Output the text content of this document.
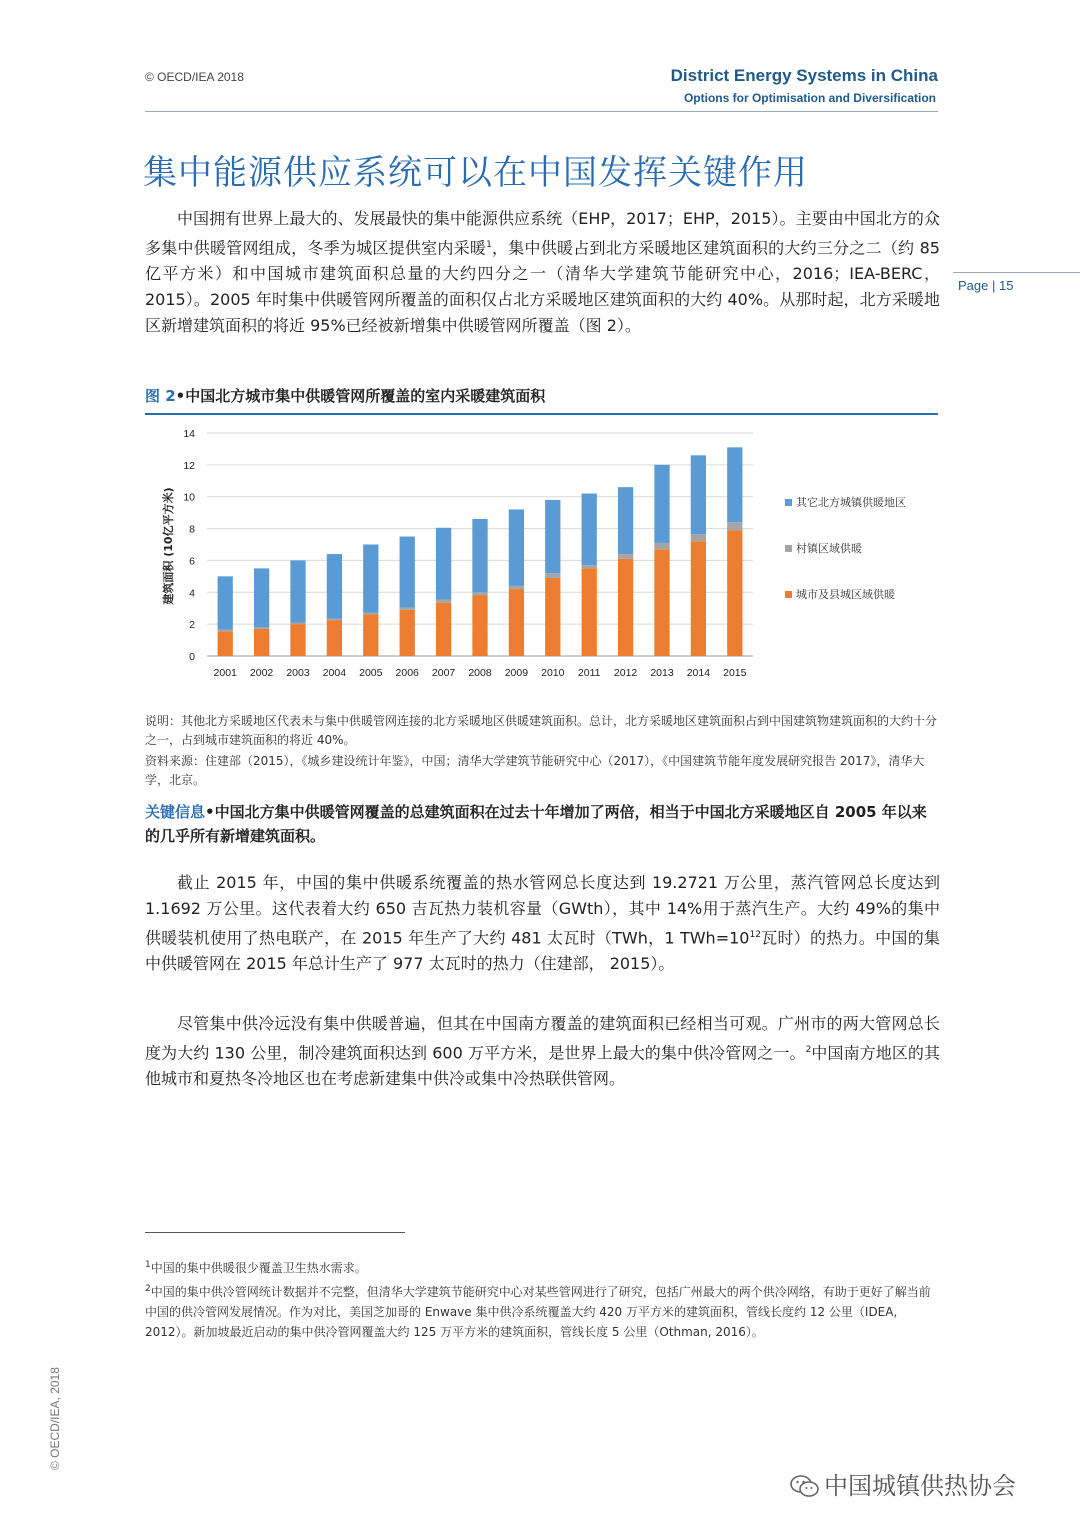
© OECD/IEA 2018	District Energy Systems in China
Options for Optimisation and Diversification
Page | 15
集中能源供应系统可以在中国发挥关键作用
中国拥有世界上最大的、发展最快的集中能源供应系统（EHP，2017；EHP，2015）。主要由中国北方的众多集中供暖管网组成，冬季为城区提供室内采暖$^1$，集中供暖占到北方采暖地区建筑面积的大约三分之二（约 85 亿平方米）和中国城市建筑面积总量的大约四分之一（清华大学建筑节能研究中心，2016；IEA-BERC，2015）。2005 年时集中供暖管网所覆盖的面积仅占北方采暖地区建筑面积的大约 40%。从那时起，北方采暖地区新增建筑面积的将近 95%已经被新增集中供暖管网所覆盖（图 2）。
图 2•中国北方城市集中供暖管网所覆盖的室内采暖建筑面积
0
2
4
6
8
10
12
14
2001 2002 2003 2004 2005 2006 2007 2008 2009 2010 2011 2012 2013 2014 2015
其它北方城镇供暖地区
村镇区域供暖
城市及县城区域供暖
建筑面积 (10亿平方米)
说明：其他北方采暖地区代表未与集中供暖管网连接的北方采暖地区供暖建筑面积。总计，北方采暖地区建筑面积占到中国建筑物建筑面积的大约十分之一，占到城市建筑面积的将近 40%。
资料来源：住建部（2015），《城乡建设统计年鉴》，中国；清华大学建筑节能研究中心（2017），《中国建筑节能年度发展研究报告 2017》，清华大学，北京。
关键信息•中国北方集中供暖管网覆盖的总建筑面积在过去十年增加了两倍，相当于中国北方采暖地区自 2005 年以来的几乎所有新增建筑面积。
截止 2015 年，中国的集中供暖系统覆盖的热水管网总长度达到 19.2721 万公里，蒸汽管网总长度达到 1.1692 万公里。这代表着大约 650 吉瓦热力装机容量（GWth），其中 14%用于蒸汽生产。大约 49%的集中供暖装机使用了热电联产，在 2015 年生产了大约 481 太瓦时（TWh，1 $TWh=10^{12}$瓦时）的热力。中国的集中供暖管网在 2015 年总计生产了 977 太瓦时的热力（住建部， 2015）。
尽管集中供冷远没有集中供暖普遍，但其在中国南方覆盖的建筑面积已经相当可观。广州市的两大管网总长度为大约 130 公里，制冷建筑面积达到 600 万平方米，是世界上最大的集中供冷管网之一。$^2$中国南方地区的其他城市和夏热冬冷地区也在考虑新建集中供冷或集中冷热联供管网。
$^1$中国的集中供暖很少覆盖卫生热水需求。
$^2$中国的集中供冷管网统计数据并不完整，但清华大学建筑节能研究中心对某些管网进行了研究，包括广州最大的两个供冷网络，有助于更好了解当前中国的供冷管网发展情况。作为对比，美国芝加哥的 Enwave 集中供冷系统覆盖大约 420 万平方米的建筑面积，管线长度约 12 公里（IDEA, 2012）。新加坡最近启动的集中供冷管网覆盖大约 125 万平方米的建筑面积，管线长度 5 公里（Othman, 2016）。
© OECD/IEA, 2018
中国城镇供热协会
